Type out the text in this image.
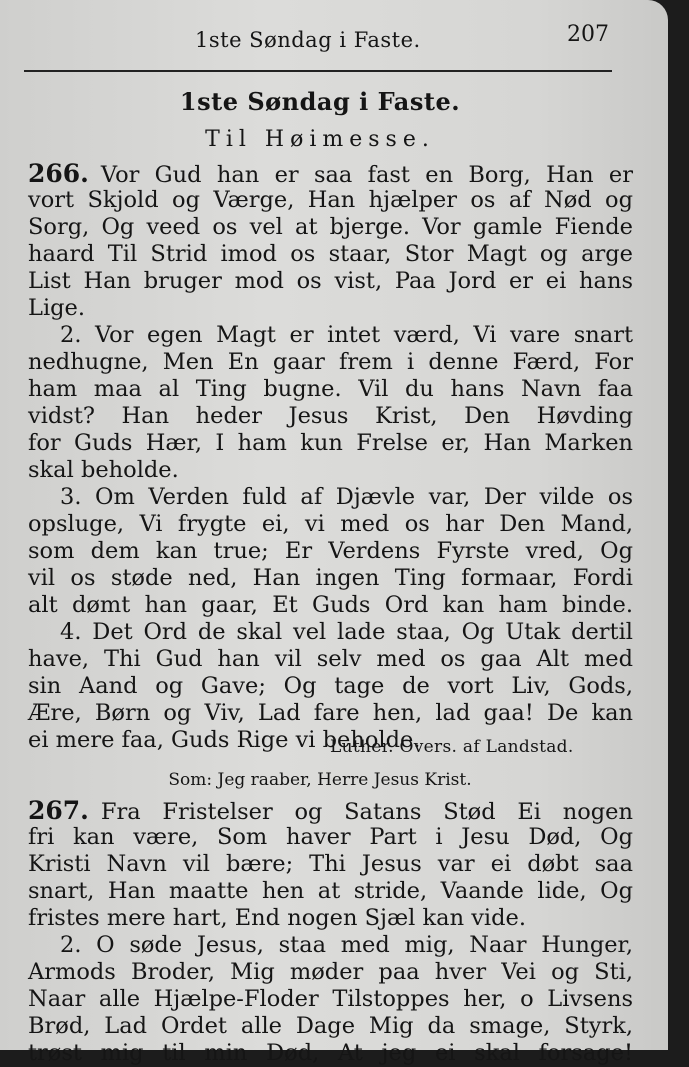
1ste Søndag i Faste.	207
1ste Søndag i Faste.
Til Høimesse.
266. Vor Gud han er saa fast en Borg, Han er
vort Skjold og Værge, Han hjælper os af Nød og
Sorg, Og veed os vel at bjerge. Vor gamle Fiende
haard Til Strid imod os staar, Stor Magt og arge
List Han bruger mod os vist, Paa Jord er ei hans
Lige.
2. Vor egen Magt er intet værd, Vi vare snart
nedhugne, Men En gaar frem i denne Færd, For
ham maa al Ting bugne. Vil du hans Navn faa
vidst? Han heder Jesus Krist, Den Høvding
for Guds Hær, I ham kun Frelse er, Han Marken
skal beholde.
3. Om Verden fuld af Djævle var, Der vilde os
opsluge, Vi frygte ei, vi med os har Den Mand,
som dem kan true; Er Verdens Fyrste vred, Og
vil os støde ned, Han ingen Ting formaar, Fordi
alt dømt han gaar, Et Guds Ord kan ham binde.
4. Det Ord de skal vel lade staa, Og Utak dertil
have, Thi Gud han vil selv med os gaa Alt med
sin Aand og Gave; Og tage de vort Liv, Gods,
Ære, Børn og Viv, Lad fare hen, lad gaa! De kan
ei mere faa, Guds Rige vi beholde.
Luther. Overs. af Landstad.
Som: Jeg raaber, Herre Jesus Krist.
267. Fra Fristelser og Satans Stød Ei nogen
fri kan være, Som haver Part i Jesu Død, Og
Kristi Navn vil bære; Thi Jesus var ei døbt saa
snart, Han maatte hen at stride, Vaande lide, Og
fristes mere hart, End nogen Sjæl kan vide.
2. O søde Jesus, staa med mig, Naar Hunger,
Armods Broder, Mig møder paa hver Vei og Sti,
Naar alle Hjælpe-Floder Tilstoppes her, o Livsens
Brød, Lad Ordet alle Dage Mig da smage, Styrk,
trøst mig til min Død, At jeg ei skal forsage!
